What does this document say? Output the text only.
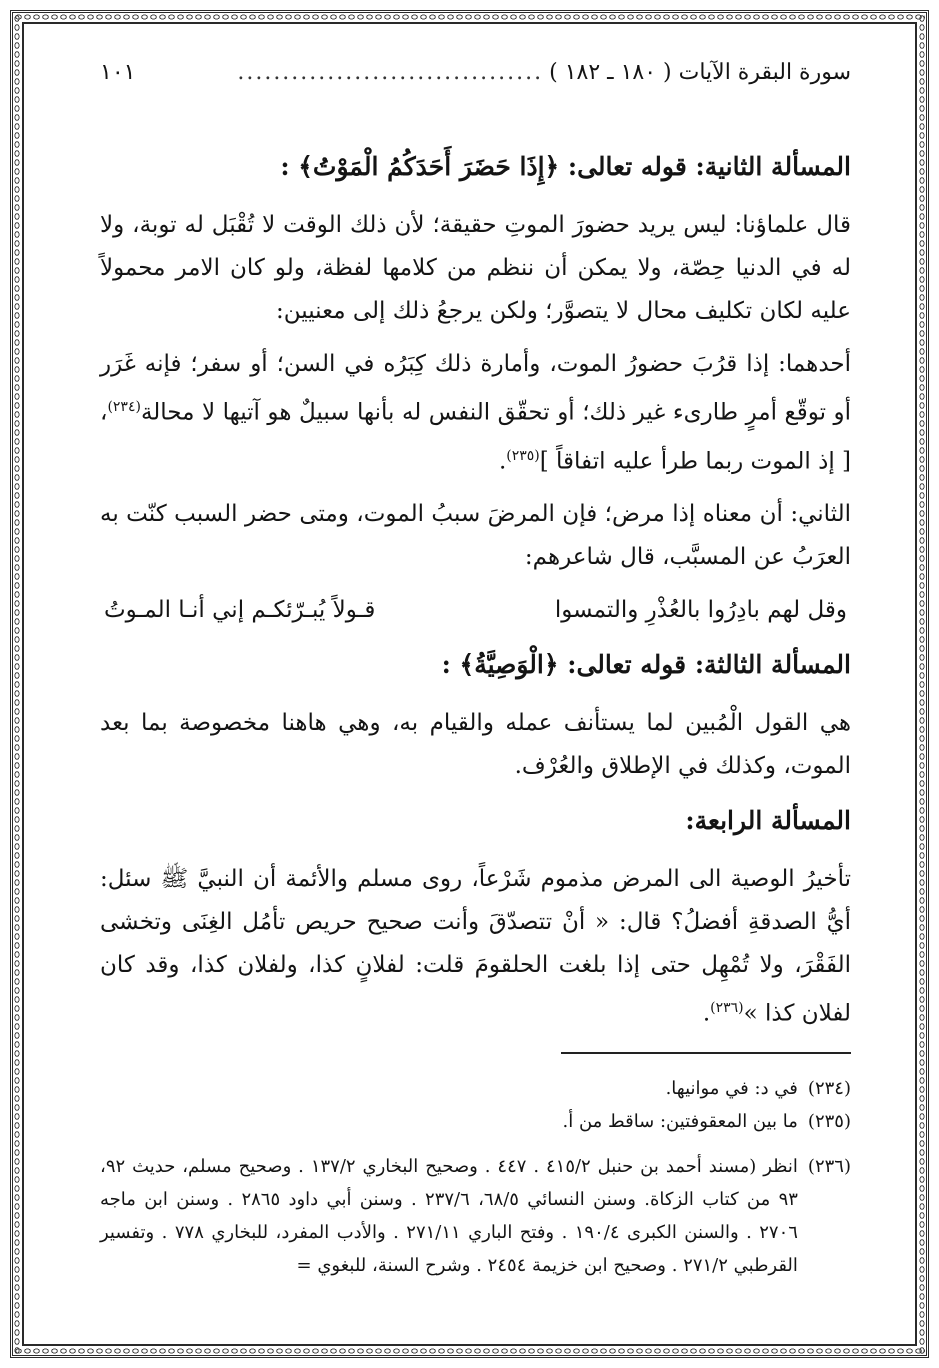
سورة البقرة الآيات ( ١٨٠ ـ ١٨٢ )
..................................
١٠١
المسألة الثانية: قوله تعالى: ﴿إِذَا حَضَرَ أَحَدَكُمُ الْمَوْتُ﴾ :

قال علماؤنا: ليس يريد حضورَ الموتِ حقيقة؛ لأن ذلك الوقت لا تُقْبَل له توبة، ولا له في الدنيا حِصّة، ولا يمكن أن ننظم من كلامها لفظة، ولو كان الامر محمولاً عليه لكان تكليف محال لا يتصوَّر؛ ولكن يرجعُ ذلك إلى معنيين:

أحدهما: إذا قرُبَ حضورُ الموت، وأمارة ذلك كِبَرُه في السن؛ أو سفر؛ فإنه غَرَر أو توقّع أمرٍ طارىء غير ذلك؛ أو تحقّق النفس له بأنها سبيلٌ هو آتيها لا محالة$^{(٢٣٤)}$، [ إذ الموت ربما طرأ عليه اتفاقاً ]$^{(٢٣٥)}$.

الثاني: أن معناه إذا مرض؛ فإن المرضَ سببُ الموت، ومتى حضر السبب كنّت به العرَبُ عن المسبَّب، قال شاعرهم:

وقل لهم بادِرُوا بالعُذْرِ والتمسوا
قـولاً يُبـرّئكـم إني أنـا المـوتُ
المسألة الثالثة: قوله تعالى: ﴿الْوَصِيَّةُ﴾ :

هي القول الْمُبين لما يستأنف عمله والقيام به، وهي هاهنا مخصوصة بما بعد الموت، وكذلك في الإطلاق والعُرْف.

المسألة الرابعة:

تأخيرُ الوصية الى المرض مذموم شَرْعاً، روى مسلم والأئمة أن النبيَّ ﷺ سئل: أيُّ الصدقةِ أفضلُ؟ قال: « أنْ تتصدّقَ وأنت صحيح حريص تأمُل الغِنَى وتخشى الفَقْرَ، ولا تُمْهِل حتى إذا بلغت الحلقومَ قلت: لفلانٍ كذا، ولفلان كذا، وقد كان لفلان كذا »$^{(٢٣٦)}$.

(٢٣٤)
في د: في موانيها.
(٢٣٥)
ما بين المعقوفتين: ساقط من أ.
(٢٣٦)
انظر (مسند أحمد بن حنبل ٤١٥/٢ . ٤٤٧ . وصحيح البخاري ١٣٧/٢ . وصحيح مسلم، حديث ٩٢، ٩٣ من كتاب الزكاة. وسنن النسائي ٦٨/٥، ٢٣٧/٦ . وسنن أبي داود ٢٨٦٥ . وسنن ابن ماجه ٢٧٠٦ . والسنن الكبرى ١٩٠/٤ . وفتح الباري ٢٧١/١١ . والأدب المفرد، للبخاري ٧٧٨ . وتفسير القرطبي ٢٧١/٢ . وصحيح ابن خزيمة ٢٤٥٤ . وشرح السنة، للبغوي =
